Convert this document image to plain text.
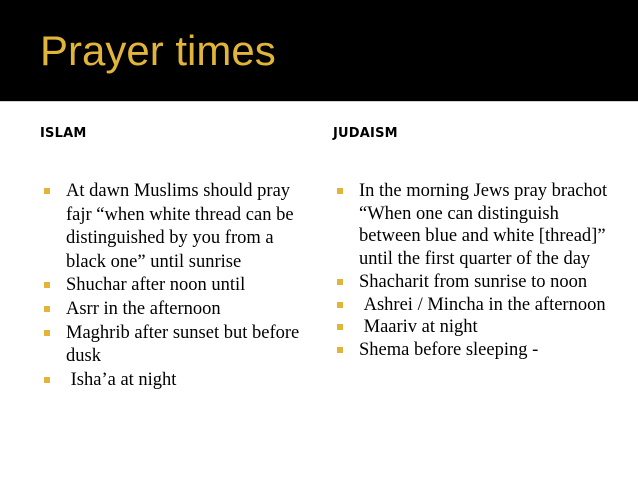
Prayer times
ISLAM	JUDAISM
At dawn Muslims should pray fajr “when white thread can be distinguished by you from a black one” until sunrise
Shuchar after noon until
Asrr in the afternoon
Maghrib after sunset but before dusk
Isha’a at night
In the morning Jews pray brachot “When one can distinguish between blue and white [thread]” until the first quarter of the day
Shacharit from sunrise to noon
Ashrei / Mincha in the afternoon
Maariv at night
Shema before sleeping -
